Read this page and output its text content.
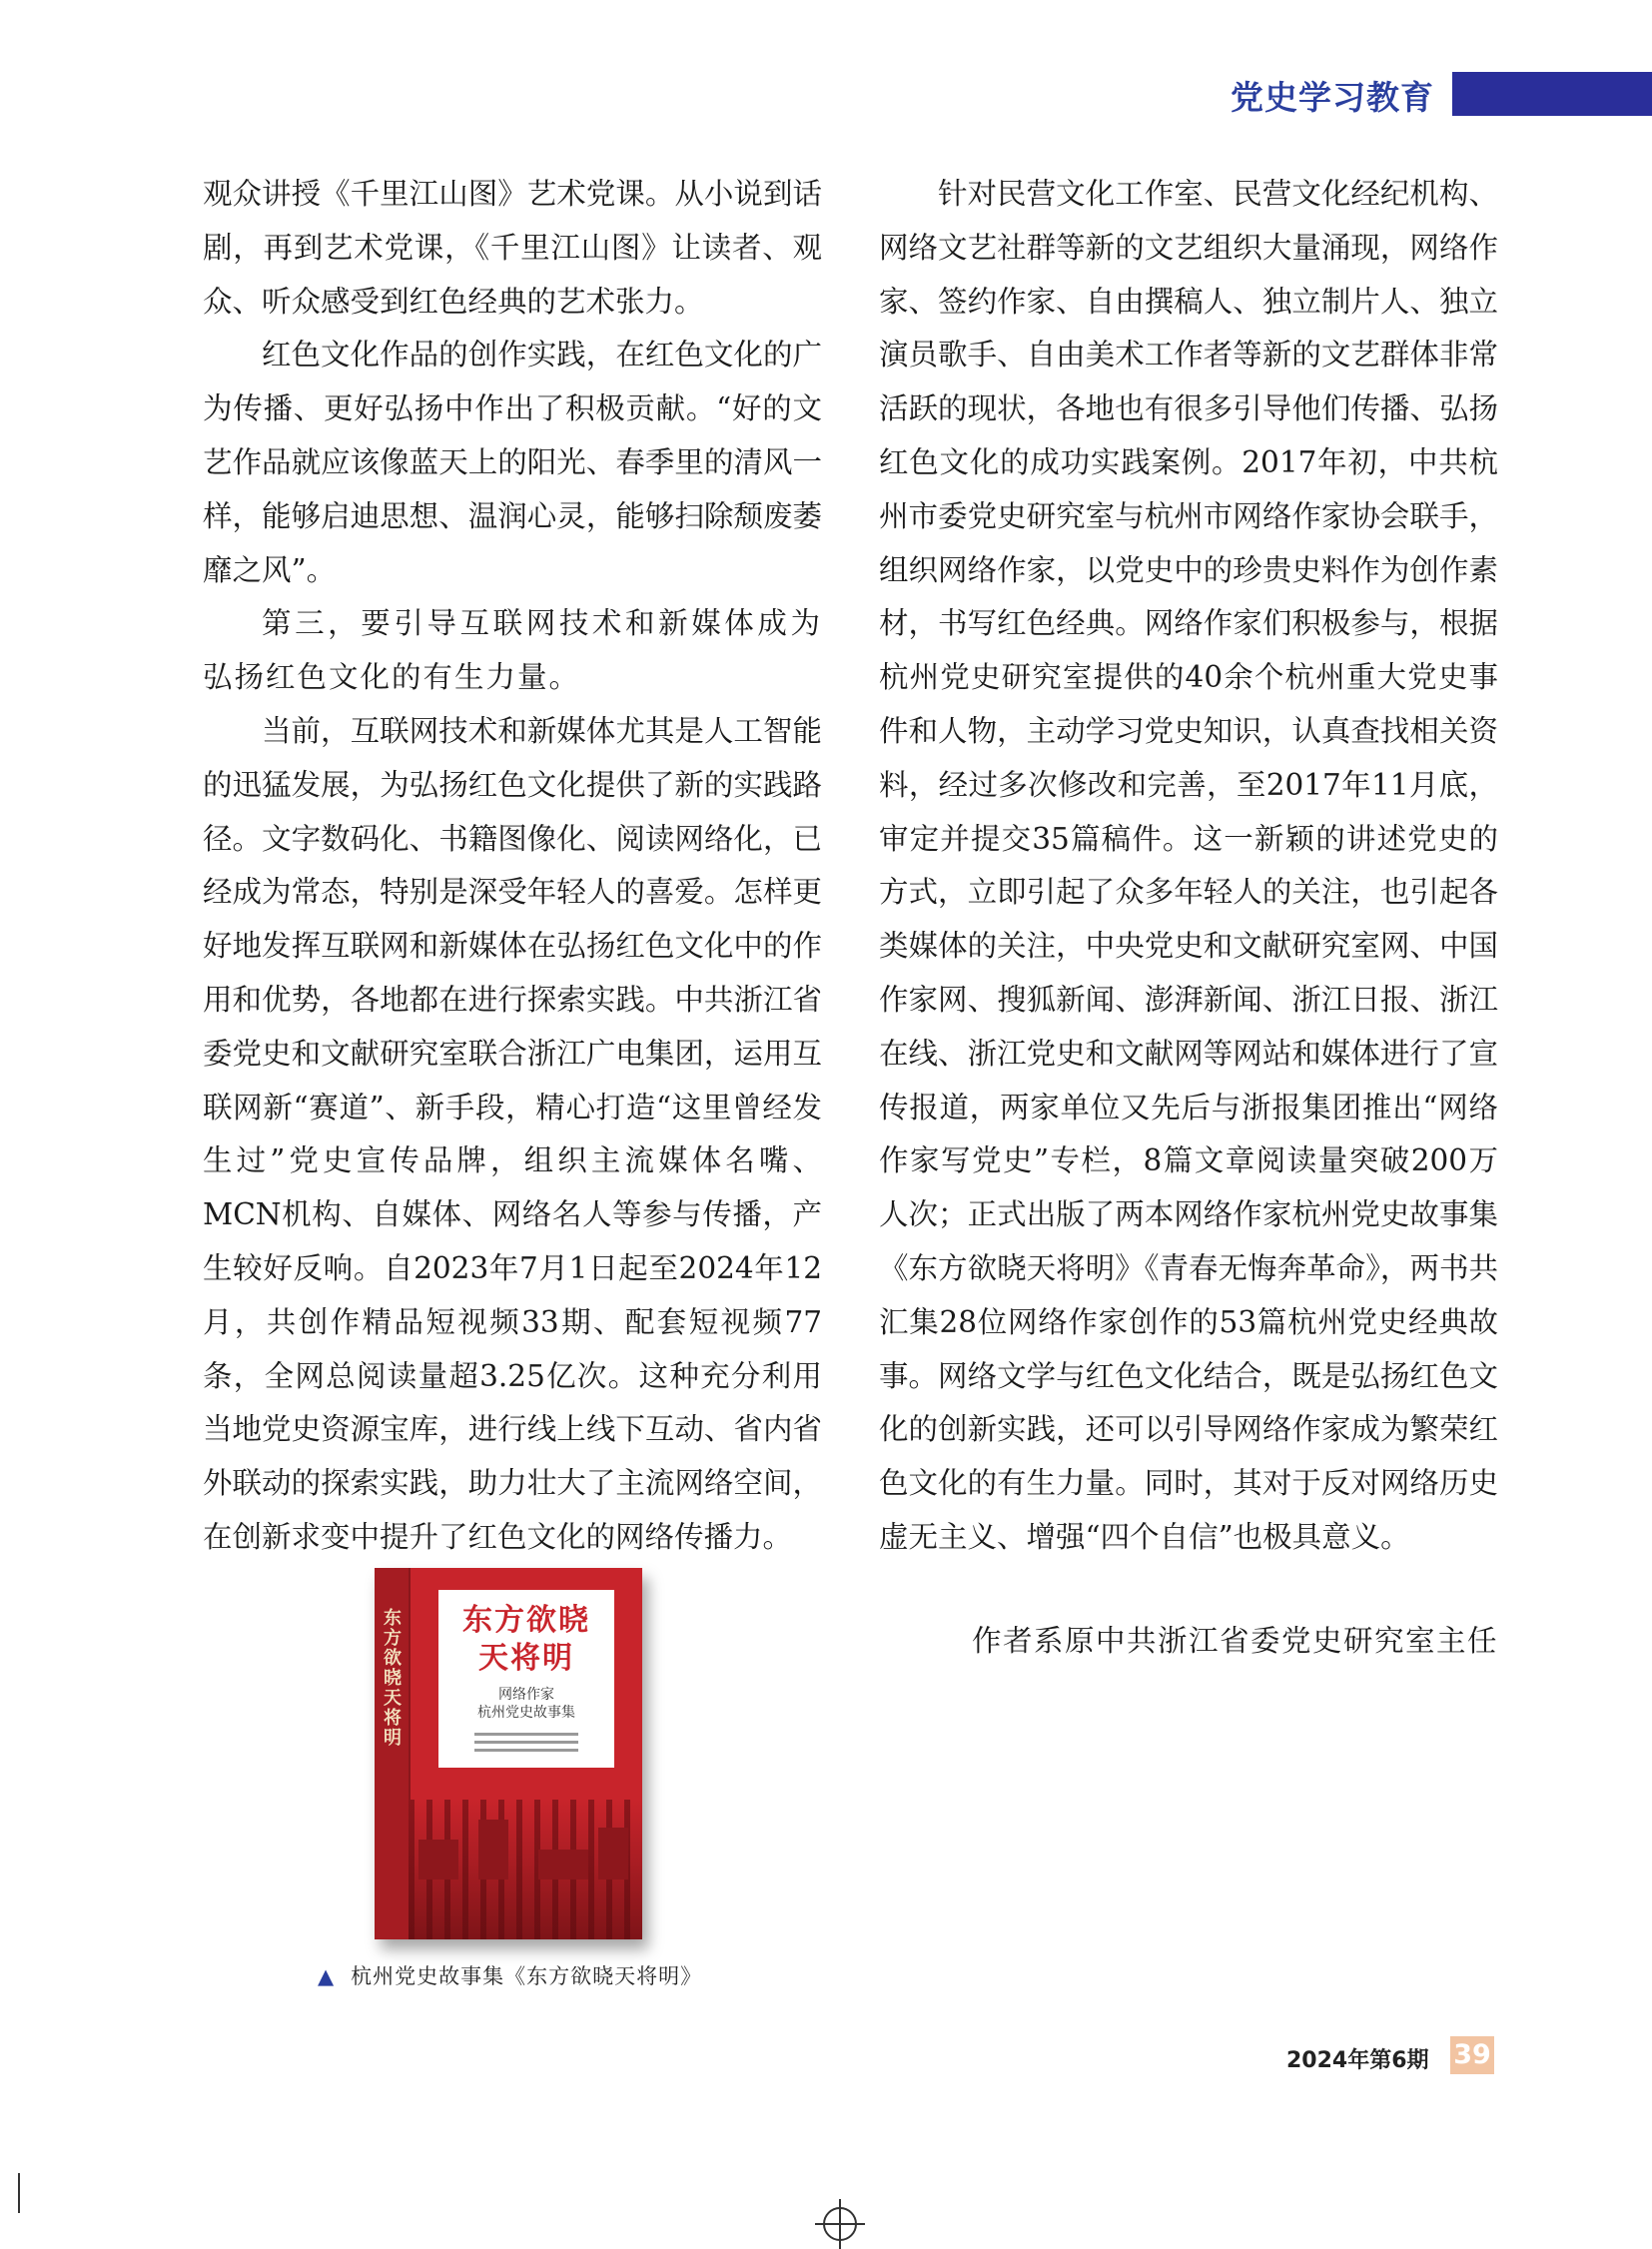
党史学习教育

观众讲授《千里江山图》艺术党课。从小说到话剧，再到艺术党课，《千里江山图》让读者、观众、听众感受到红色经典的艺术张力。

红色文化作品的创作实践，在红色文化的广为传播、更好弘扬中作出了积极贡献。“好的文艺作品就应该像蓝天上的阳光、春季里的清风一样，能够启迪思想、温润心灵，能够扫除颓废萎靡之风”。

第三，要引导互联网技术和新媒体成为弘扬红色文化的有生力量。

当前，互联网技术和新媒体尤其是人工智能的迅猛发展，为弘扬红色文化提供了新的实践路径。文字数码化、书籍图像化、阅读网络化，已经成为常态，特别是深受年轻人的喜爱。怎样更好地发挥互联网和新媒体在弘扬红色文化中的作用和优势，各地都在进行探索实践。中共浙江省委党史和文献研究室联合浙江广电集团，运用互联网新“赛道”、新手段，精心打造“这里曾经发生过”党史宣传品牌，组织主流媒体名嘴、MCN机构、自媒体、网络名人等参与传播，产生较好反响。自2023年7月1日起至2024年12月，共创作精品短视频33期、配套短视频77条，全网总阅读量超3.25亿次。这种充分利用当地党史资源宝库，进行线上线下互动、省内省外联动的探索实践，助力壮大了主流网络空间，在创新求变中提升了红色文化的网络传播力。

针对民营文化工作室、民营文化经纪机构、网络文艺社群等新的文艺组织大量涌现，网络作家、签约作家、自由撰稿人、独立制片人、独立演员歌手、自由美术工作者等新的文艺群体非常活跃的现状，各地也有很多引导他们传播、弘扬红色文化的成功实践案例。2017年初，中共杭州市委党史研究室与杭州市网络作家协会联手，组织网络作家，以党史中的珍贵史料作为创作素材，书写红色经典。网络作家们积极参与，根据杭州党史研究室提供的40余个杭州重大党史事件和人物，主动学习党史知识，认真查找相关资料，经过多次修改和完善，至2017年11月底，审定并提交35篇稿件。这一新颖的讲述党史的方式，立即引起了众多年轻人的关注，也引起各类媒体的关注，中央党史和文献研究室网、中国作家网、搜狐新闻、澎湃新闻、浙江日报、浙江在线、浙江党史和文献网等网站和媒体进行了宣传报道，两家单位又先后与浙报集团推出“网络作家写党史”专栏，8篇文章阅读量突破200万人次；正式出版了两本网络作家杭州党史故事集《东方欲晓天将明》《青春无悔奔革命》，两书共汇集28位网络作家创作的53篇杭州党史经典故事。网络文学与红色文化结合，既是弘扬红色文化的创新实践，还可以引导网络作家成为繁荣红色文化的有生力量。同时，其对于反对网络历史虚无主义、增强“四个自信”也极具意义。

作者系原中共浙江省委党史研究室主任

东方欲晓天将明	东方欲晓
天将明
网络作家
杭州党史故事集
▲ 杭州党史故事集《东方欲晓天将明》
2024年第6期 39
